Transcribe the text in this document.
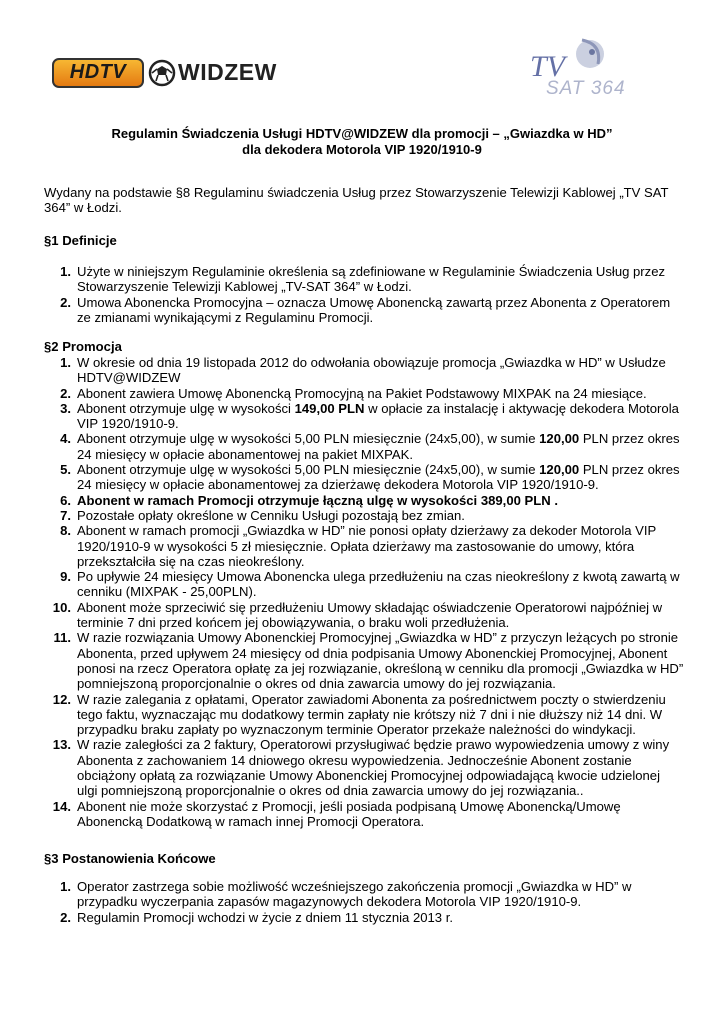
HDTV WIDZEW	TV
SAT 364
Regulamin Świadczenia Usługi HDTV@WIDZEW dla promocji – „Gwiazdka w HD”
dla dekodera Motorola VIP 1920/1910-9
Wydany na podstawie §8 Regulaminu świadczenia Usług przez Stowarzyszenie Telewizji Kablowej „TV SAT 364” w Łodzi.
§1 Definicje
1. Użyte w niniejszym Regulaminie określenia są zdefiniowane w Regulaminie Świadczenia Usług przez Stowarzyszenie Telewizji Kablowej „TV-SAT 364” w Łodzi.
2. Umowa Abonencka Promocyjna – oznacza Umowę Abonencką zawartą przez Abonenta z Operatorem ze zmianami wynikającymi z Regulaminu Promocji.
§2 Promocja
1. W okresie od dnia 19 listopada 2012 do odwołania obowiązuje promocja „Gwiazdka w HD” w Usłudze HDTV@WIDZEW
2. Abonent zawiera Umowę Abonencką Promocyjną na Pakiet Podstawowy MIXPAK na 24 miesiące.
3. Abonent otrzymuje ulgę w wysokości 149,00 PLN w opłacie za instalację i aktywację dekodera Motorola VIP 1920/1910-9.
4. Abonent otrzymuje ulgę w wysokości 5,00 PLN miesięcznie (24x5,00), w sumie 120,00 PLN przez okres 24 miesięcy w opłacie abonamentowej na pakiet MIXPAK.
5. Abonent otrzymuje ulgę w wysokości 5,00 PLN miesięcznie (24x5,00), w sumie 120,00 PLN przez okres 24 miesięcy w opłacie abonamentowej za dzierżawę dekodera Motorola VIP 1920/1910-9.
6. Abonent w ramach Promocji otrzymuje łączną ulgę w wysokości 389,00 PLN .
7. Pozostałe opłaty określone w Cenniku Usługi pozostają bez zmian.
8. Abonent w ramach promocji „Gwiazdka w HD” nie ponosi opłaty dzierżawy za dekoder Motorola VIP 1920/1910-9 w wysokości 5 zł miesięcznie. Opłata dzierżawy ma zastosowanie do umowy, która przekształciła się na czas nieokreślony.
9. Po upływie 24 miesięcy Umowa Abonencka ulega przedłużeniu na czas nieokreślony z kwotą zawartą w cenniku (MIXPAK - 25,00PLN).
10. Abonent może sprzeciwić się przedłużeniu Umowy składając oświadczenie Operatorowi najpóźniej w terminie 7 dni przed końcem jej obowiązywania, o braku woli przedłużenia.
11. W razie rozwiązania Umowy Abonenckiej Promocyjnej „Gwiazdka w HD” z przyczyn leżących po stronie Abonenta, przed upływem 24 miesięcy od dnia podpisania Umowy Abonenckiej Promocyjnej, Abonent ponosi na rzecz Operatora opłatę za jej rozwiązanie, określoną w cenniku dla promocji „Gwiazdka w HD” pomniejszoną proporcjonalnie o okres od dnia zawarcia umowy do jej rozwiązania.
12. W razie zalegania z opłatami, Operator zawiadomi Abonenta za pośrednictwem poczty o stwierdzeniu tego faktu, wyznaczając mu dodatkowy termin zapłaty nie krótszy niż 7 dni i nie dłuższy niż 14 dni. W przypadku braku zapłaty po wyznaczonym terminie Operator przekaże należności do windykacji.
13. W razie zaległości za 2 faktury, Operatorowi przysługiwać będzie prawo wypowiedzenia umowy z winy Abonenta z zachowaniem 14 dniowego okresu wypowiedzenia. Jednocześnie Abonent zostanie obciążony opłatą za rozwiązanie Umowy Abonenckiej Promocyjnej odpowiadającą kwocie udzielonej ulgi pomniejszoną proporcjonalnie o okres od dnia zawarcia umowy do jej rozwiązania..
14. Abonent nie może skorzystać z Promocji, jeśli posiada podpisaną Umowę Abonencką/Umowę Abonencką Dodatkową w ramach innej Promocji Operatora.
§3 Postanowienia Końcowe
1. Operator zastrzega sobie możliwość wcześniejszego zakończenia promocji „Gwiazdka w HD” w przypadku wyczerpania zapasów magazynowych dekodera Motorola VIP 1920/1910-9.
2. Regulamin Promocji wchodzi w życie z dniem 11 stycznia 2013 r.
